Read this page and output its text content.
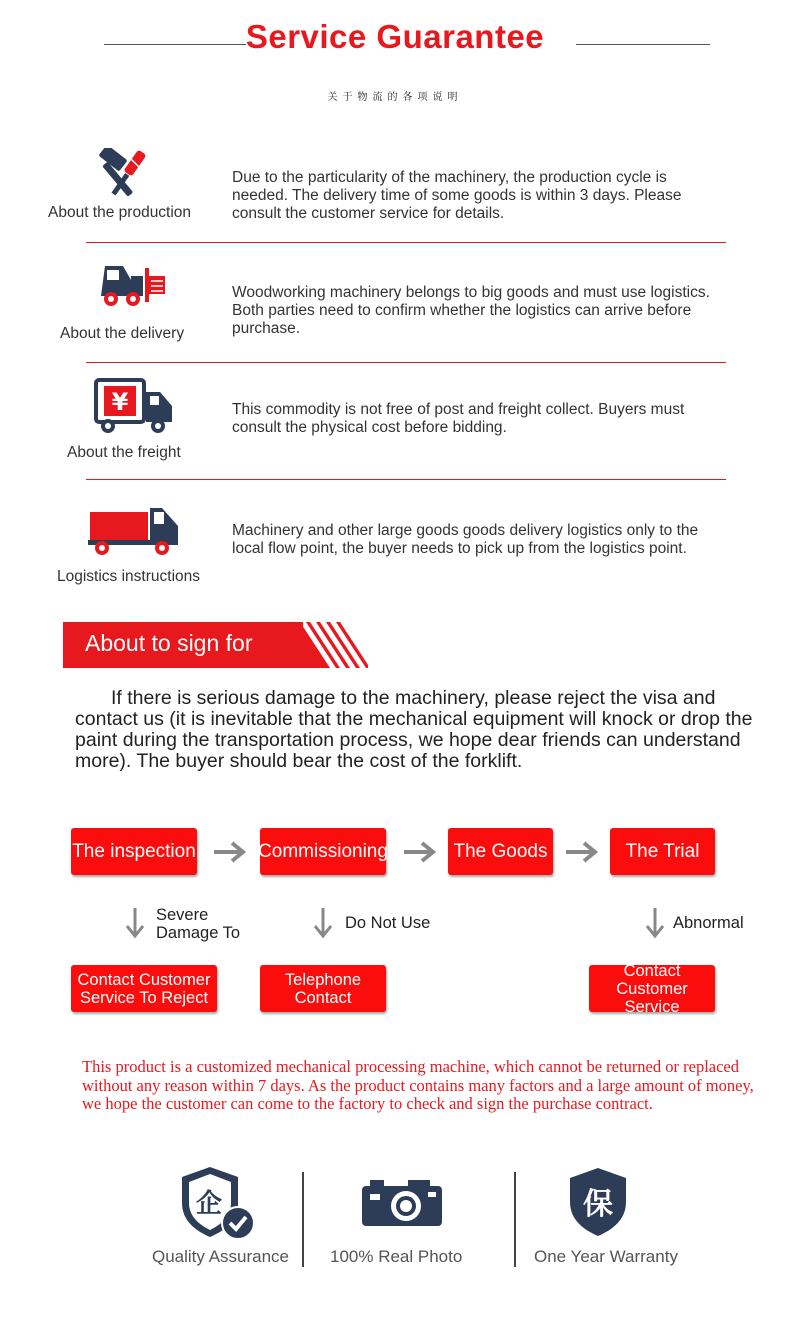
Service Guarantee
关于物流的各项说明
About the production
Due to the particularity of the machinery, the production cycle is needed. The delivery time of some goods is within 3 days. Please consult the customer service for details.
About the delivery
Woodworking machinery belongs to big goods and must use logistics. Both parties need to confirm whether the logistics can arrive before purchase.
¥
About the freight
This commodity is not free of post and freight collect. Buyers must consult the physical cost before bidding.
Logistics instructions
Machinery and other large goods goods delivery logistics only to the local flow point, the buyer needs to pick up from the logistics point.
About to sign for
If there is serious damage to the machinery, please reject the visa and contact us (it is inevitable that the mechanical equipment will knock or drop the paint during the transportation process, we hope dear friends can understand more). The buyer should bear the cost of the forklift.
The inspection	Commissioning	The Goods	The Trial
Severe
Damage To
Do Not Use	Abnormal
Contact Customer
Service To Reject
Telephone
Contact
Contact
Customer Service
This product is a customized mechanical processing machine, which cannot be returned or replaced without any reason within 7 days. As the product contains many factors and a large amount of money, we hope the customer can come to the factory to check and sign the purchase contract.
企
Quality Assurance 100% Real Photo
保
One Year Warranty
